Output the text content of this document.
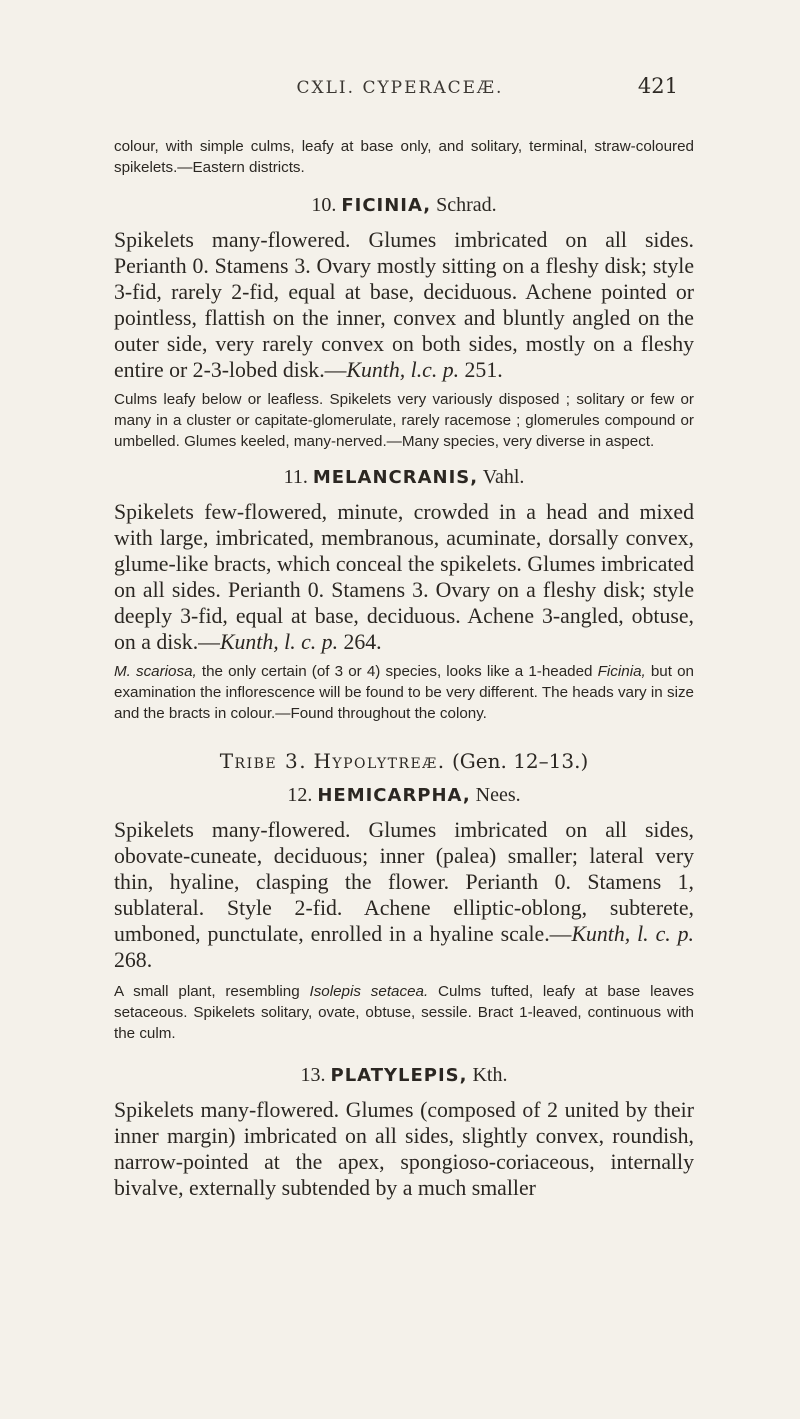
CXLI. CYPERACEÆ.	421

colour, with simple culms, leafy at base only, and solitary, terminal, straw-coloured spikelets.—Eastern districts.

10. FICINIA, Schrad.

Spikelets many-flowered. Glumes imbricated on all sides. Perianth 0. Stamens 3. Ovary mostly sitting on a fleshy disk; style 3-fid, rarely 2-fid, equal at base, deciduous. Achene pointed or pointless, flattish on the inner, convex and bluntly angled on the outer side, very rarely convex on both sides, mostly on a fleshy entire or 2-3-lobed disk.—Kunth, l.c. p. 251.

Culms leafy below or leafless. Spikelets very variously disposed ; solitary or few or many in a cluster or capitate-glomerulate, rarely racemose ; glomerules compound or umbelled. Glumes keeled, many-nerved.—Many species, very diverse in aspect.

11. MELANCRANIS, Vahl.

Spikelets few-flowered, minute, crowded in a head and mixed with large, imbricated, membranous, acuminate, dorsally convex, glume-like bracts, which conceal the spikelets. Glumes imbricated on all sides. Perianth 0. Stamens 3. Ovary on a fleshy disk; style deeply 3-fid, equal at base, deciduous. Achene 3-angled, obtuse, on a disk.—Kunth, l. c. p. 264.

M. scariosa, the only certain (of 3 or 4) species, looks like a 1-headed Ficinia, but on examination the inflorescence will be found to be very different. The heads vary in size and the bracts in colour.—Found throughout the colony.

Tribe 3. Hypolytreæ. (Gen. 12–13.)

12. HEMICARPHA, Nees.

Spikelets many-flowered. Glumes imbricated on all sides, obovate-cuneate, deciduous; inner (palea) smaller; lateral very thin, hyaline, clasping the flower. Perianth 0. Stamens 1, sublateral. Style 2-fid. Achene elliptic-oblong, subterete, umboned, punctulate, enrolled in a hyaline scale.—Kunth, l. c. p. 268.

A small plant, resembling Isolepis setacea. Culms tufted, leafy at base leaves setaceous. Spikelets solitary, ovate, obtuse, sessile. Bract 1-leaved, continuous with the culm.

13. PLATYLEPIS, Kth.

Spikelets many-flowered. Glumes (composed of 2 united by their inner margin) imbricated on all sides, slightly convex, roundish, narrow-pointed at the apex, spongioso-coriaceous, internally bivalve, externally subtended by a much smaller
